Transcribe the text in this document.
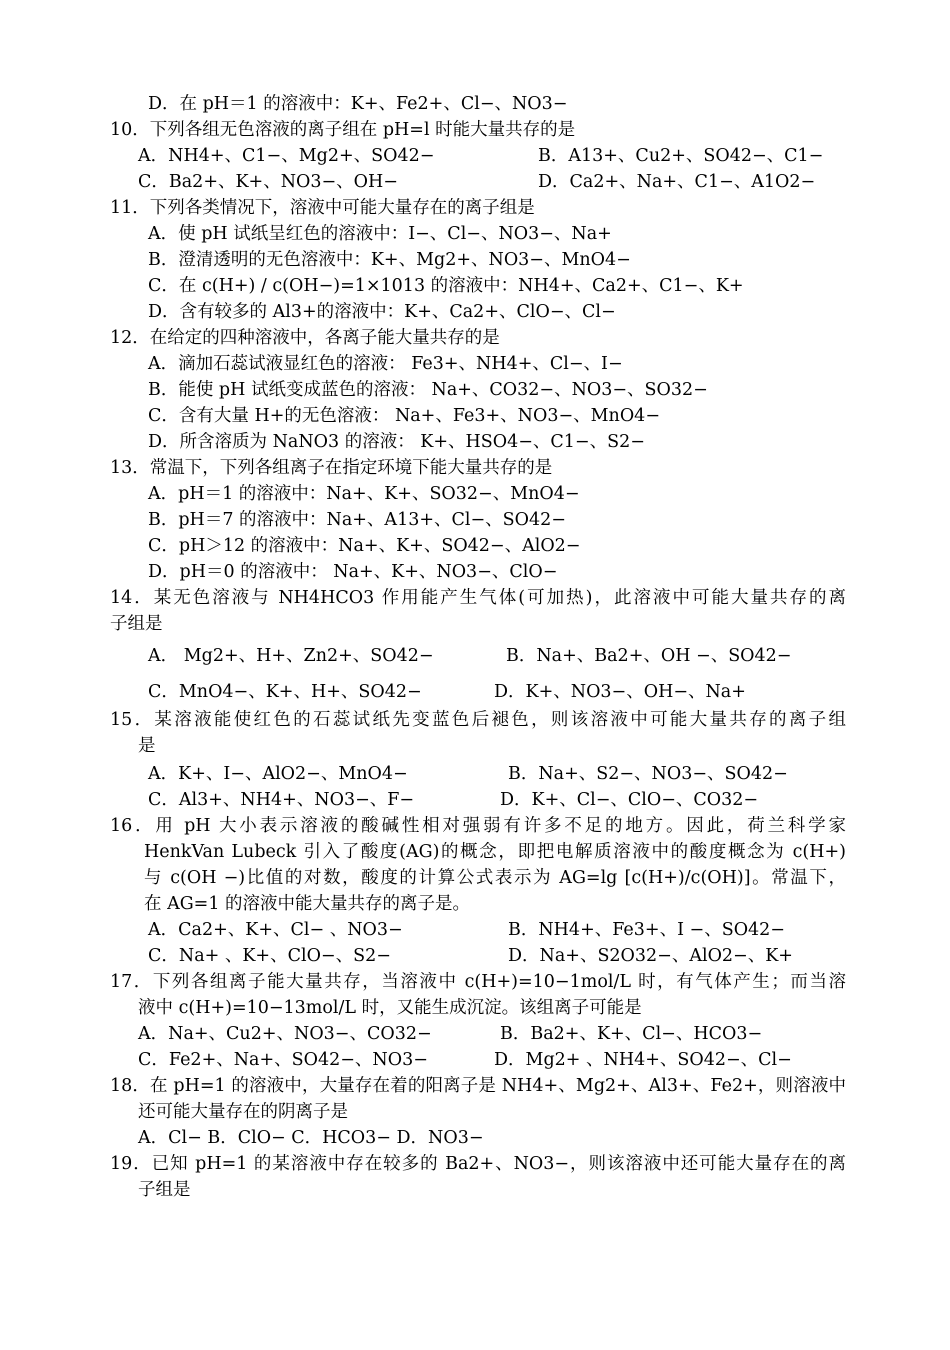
D．在 pH＝1 的溶液中：K+、Fe2+、Cl−、NO3−
10．下列各组无色溶液的离子组在 pH=l 时能大量共存的是
A．NH4+、C1−、Mg2+、SO42−	B．A13+、Cu2+、SO42−、C1−
C．Ba2+、K+、NO3−、OH−	D．Ca2+、Na+、C1−、A1O2−
11．下列各类情况下，溶液中可能大量存在的离子组是
A．使 pH 试纸呈红色的溶液中：I−、Cl−、NO3−、Na+
B．澄清透明的无色溶液中：K+、Mg2+、NO3−、MnO4−
C．在 c(H+) / c(OH−)=1×1013 的溶液中：NH4+、Ca2+、C1−、K+
D．含有较多的 Al3+的溶液中：K+、Ca2+、ClO−、Cl−
12．在给定的四种溶液中，各离子能大量共存的是
A．滴加石蕊试液显红色的溶液： Fe3+、NH4+、Cl−、I−
B．能使 pH 试纸变成蓝色的溶液： Na+、CO32−、NO3−、SO32−
C．含有大量 H+的无色溶液： Na+、Fe3+、NO3−、MnO4−
D．所含溶质为 NaNO3 的溶液： K+、HSO4−、C1−、S2−
13．常温下，下列各组离子在指定环境下能大量共存的是
A．pH＝1 的溶液中：Na+、K+、SO32−、MnO4−
B．pH＝7 的溶液中：Na+、A13+、Cl−、SO42−
C．pH＞12 的溶液中：Na+、K+、SO42−、AlO2−
D．pH＝0 的溶液中： Na+、K+、NO3−、ClO−
14．某无色溶液与 NH4HCO3 作用能产生气体(可加热)，此溶液中可能大量共存的离
子组是
A． Mg2+、H+、Zn2+、SO42−	B．Na+、Ba2+、OH −、SO42−
C．MnO4−、K+、H+、SO42−	D．K+、NO3−、OH−、Na+
15．某溶液能使红色的石蕊试纸先变蓝色后褪色，则该溶液中可能大量共存的离子组
是
A．K+、I−、AlO2−、MnO4−	B．Na+、S2−、NO3−、SO42−
C．Al3+、NH4+、NO3−、F−	D．K+、Cl−、ClO−、CO32−
16．用 pH 大小表示溶液的酸碱性相对强弱有许多不足的地方。因此，荷兰科学家
HenkVan Lubeck 引入了酸度(AG)的概念，即把电解质溶液中的酸度概念为 c(H+)
与 c(OH −)比值的对数，酸度的计算公式表示为 AG=lg [c(H+)/c(OH)]。常温下，
在 AG=1 的溶液中能大量共存的离子是。
A．Ca2+、K+、Cl− 、NO3−	B．NH4+、Fe3+、I −、SO42−
C．Na+ 、K+、ClO−、S2−	D．Na+、S2O32−、AlO2−、K+
17．下列各组离子能大量共存，当溶液中 c(H+)=10−1mol/L 时，有气体产生；而当溶
液中 c(H+)=10−13mol/L 时，又能生成沉淀。该组离子可能是
A．Na+、Cu2+、NO3−、CO32−	B．Ba2+、K+、Cl−、HCO3−
C．Fe2+、Na+、SO42−、NO3−	D．Mg2+ 、NH4+、SO42−、Cl−
18．在 pH=1 的溶液中，大量存在着的阳离子是 NH4+、Mg2+、Al3+、Fe2+，则溶液中
还可能大量存在的阴离子是
A．Cl− B．ClO− C．HCO3− D．NO3−
19．已知 pH=1 的某溶液中存在较多的 Ba2+、NO3−，则该溶液中还可能大量存在的离
子组是
